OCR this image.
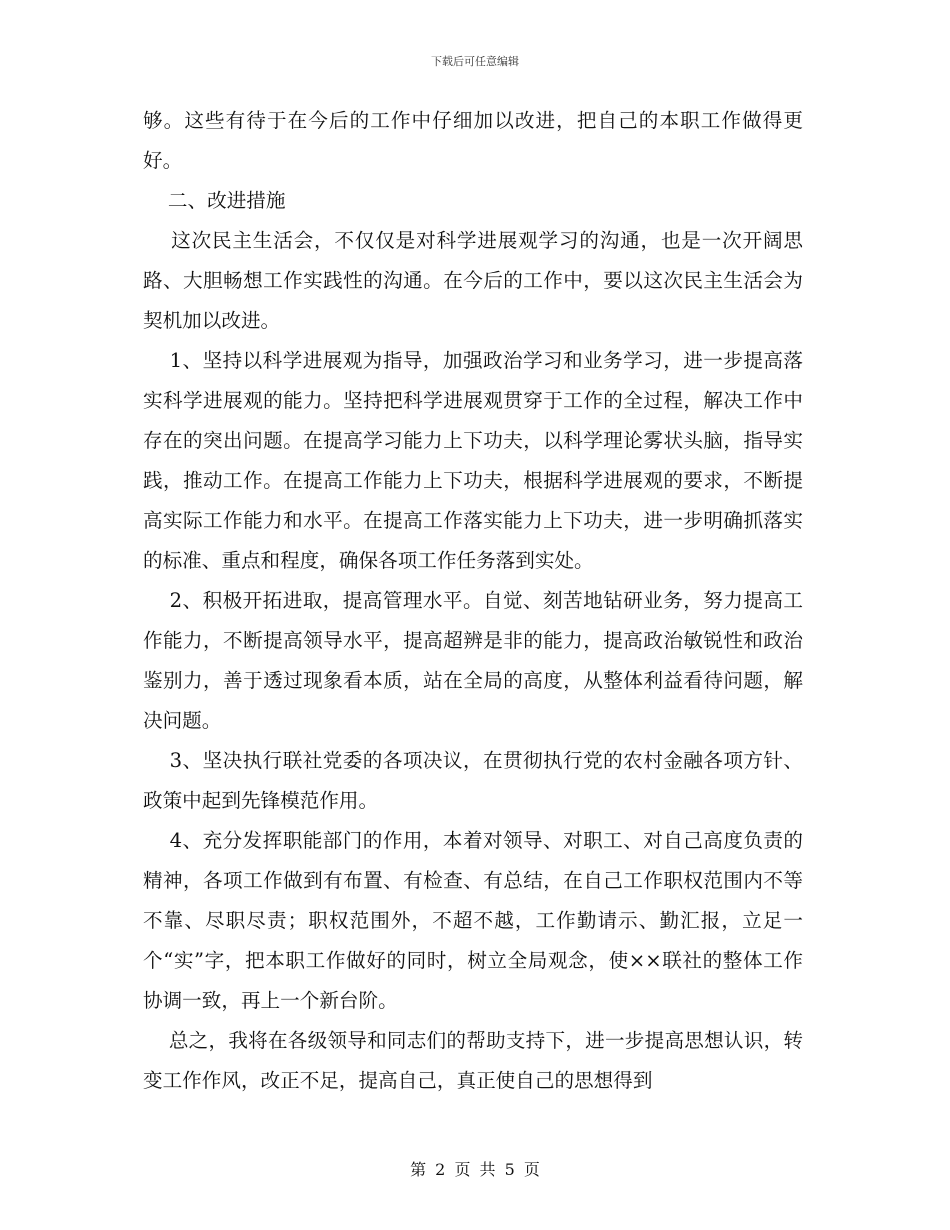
下载后可任意编辑

够。这些有待于在今后的工作中仔细加以改进，把自己的本职工作做得更好。

二、改进措施

这次民主生活会，不仅仅是对科学进展观学习的沟通，也是一次开阔思路、大胆畅想工作实践性的沟通。在今后的工作中，要以这次民主生活会为契机加以改进。

1、坚持以科学进展观为指导，加强政治学习和业务学习，进一步提高落实科学进展观的能力。坚持把科学进展观贯穿于工作的全过程，解决工作中存在的突出问题。在提高学习能力上下功夫，以科学理论雾状头脑，指导实践，推动工作。在提高工作能力上下功夫，根据科学进展观的要求，不断提高实际工作能力和水平。在提高工作落实能力上下功夫，进一步明确抓落实的标准、重点和程度，确保各项工作任务落到实处。

2、积极开拓进取，提高管理水平。自觉、刻苦地钻研业务，努力提高工作能力，不断提高领导水平，提高超辨是非的能力，提高政治敏锐性和政治鉴别力，善于透过现象看本质，站在全局的高度，从整体利益看待问题，解决问题。

3、坚决执行联社党委的各项决议，在贯彻执行党的农村金融各项方针、政策中起到先锋模范作用。

4、充分发挥职能部门的作用，本着对领导、对职工、对自己高度负责的精神，各项工作做到有布置、有检查、有总结，在自己工作职权范围内不等不靠、尽职尽责；职权范围外，不超不越，工作勤请示、勤汇报，立足一个“实”字，把本职工作做好的同时，树立全局观念，使××联社的整体工作协调一致，再上一个新台阶。

总之，我将在各级领导和同志们的帮助支持下，进一步提高思想认识，转变工作作风，改正不足，提高自己，真正使自己的思想得到

第 2 页 共 5 页
